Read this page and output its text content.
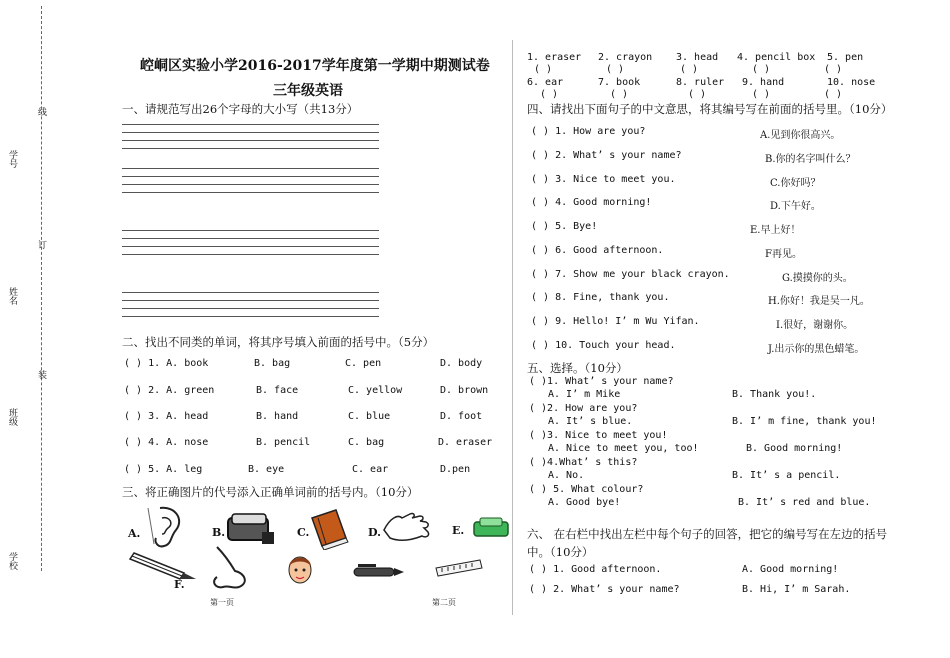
学号
线
订
姓名
装
班级
学校
崆峒区实验小学2016-2017学年度第一学期中期测试卷
三年级英语
一、请规范写出26个字母的大小写（共13分）
二、找出不同类的单词，将其序号填入前面的括号中。（5分）
( ) 1. A. book	B. bag	C. pen	D. body
( ) 2. A. green	B. face	C. yellow	D. brown
( ) 3. A. head	B. hand	C. blue	D. foot
( ) 4. A. nose	B. pencil	C. bag	D. eraser
( ) 5. A. leg	B. eye	C. ear	D.pen
三、将正确图片的代号添入正确单词前的括号内。（10分）
A.	B.	C.	D.	E.
F.
第一页	第二页
1. eraser 2. crayon 3. head 4. pencil box 5. pen
( )	( )	( )	( )	( )
6. ear	7. book	8. ruler 9. hand	10. nose
( )	( )	( )	( )	( )
四、请找出下面句子的中文意思，将其编号写在前面的括号里。（10分）
( ) 1. How are you?	A.见到你很高兴。
( ) 2. What’ s your name?	B.你的名字叫什么？
( ) 3. Nice to meet you.	C.你好吗？
( ) 4. Good morning!	D.下午好。
( ) 5. Bye!	E.早上好！
( ) 6. Good afternoon.	F再见。
( ) 7. Show me your black crayon.	G.摸摸你的头。
( ) 8. Fine, thank you.	H.你好！我是吴一凡。
( ) 9. Hello! I’ m Wu Yifan.	I.很好，谢谢你。
( ) 10. Touch your head.	J.出示你的黑色蜡笔。
五、选择。（10分）
( )1. What’ s your name?
A. I’ m Mike	B. Thank you!.
( )2. How are you?
A. It’ s blue.	B. I’ m fine, thank you!
( )3. Nice to meet you!
A. Nice to meet you, too!	B. Good morning!
( )4.What’ s this?
A. No.	B. It’ s a pencil.
( ) 5. What colour?
A. Good bye!	B. It’ s red and blue.
六、 在右栏中找出左栏中每个句子的回答，把它的编号写在左边的括号
中。（10分）
( ) 1. Good afternoon.	A. Good morning!
( ) 2. What’ s your name?	B. Hi, I’ m Sarah.
